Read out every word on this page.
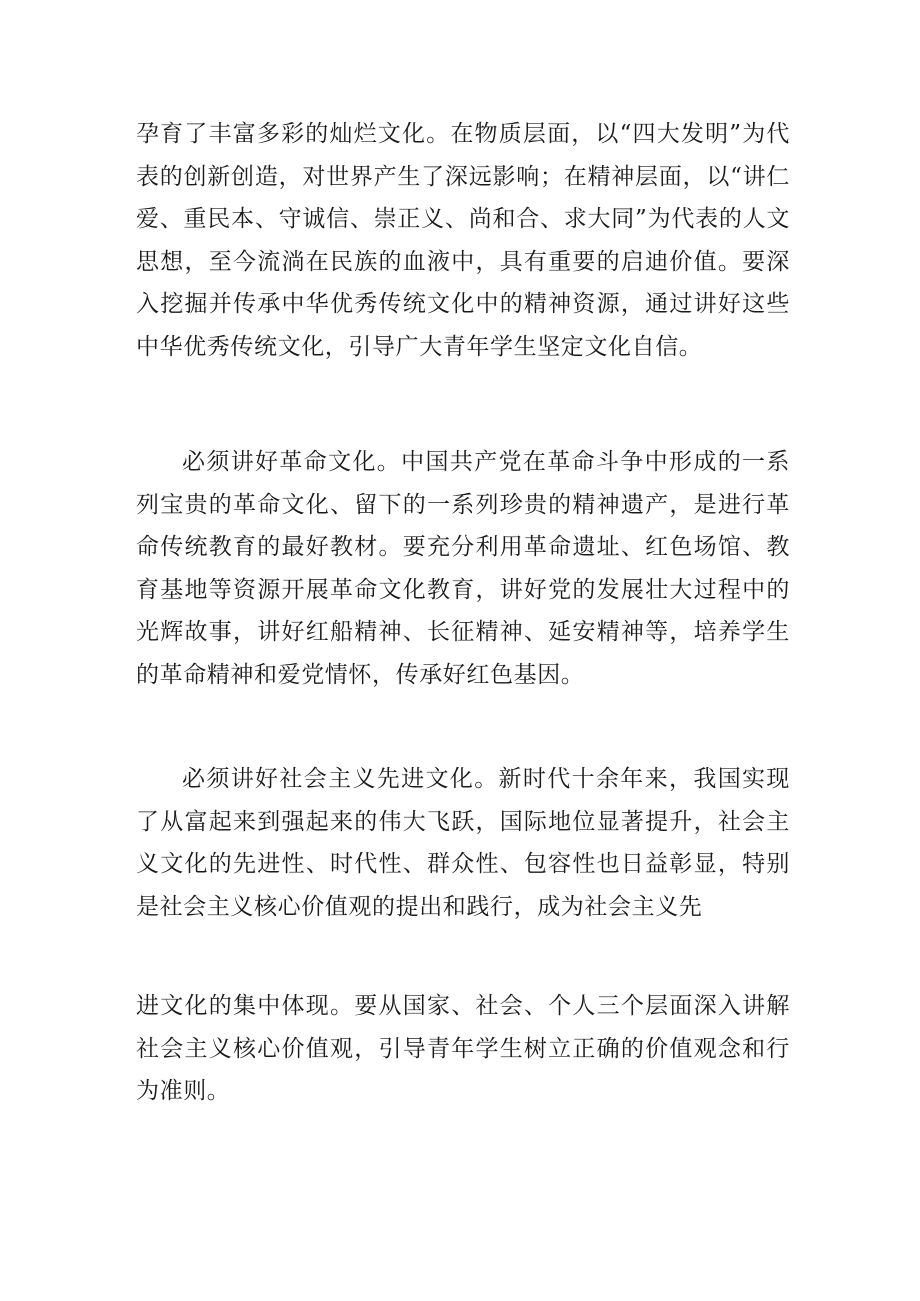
孕育了丰富多彩的灿烂文化。在物质层面，以“四大发明”为代表的创新创造，对世界产生了深远影响；在精神层面，以“讲仁爱、重民本、守诚信、崇正义、尚和合、求大同”为代表的人文思想，至今流淌在民族的血液中，具有重要的启迪价值。要深入挖掘并传承中华优秀传统文化中的精神资源，通过讲好这些中华优秀传统文化，引导广大青年学生坚定文化自信。

必须讲好革命文化。中国共产党在革命斗争中形成的一系列宝贵的革命文化、留下的一系列珍贵的精神遗产，是进行革命传统教育的最好教材。要充分利用革命遗址、红色场馆、教育基地等资源开展革命文化教育，讲好党的发展壮大过程中的光辉故事，讲好红船精神、长征精神、延安精神等，培养学生的革命精神和爱党情怀，传承好红色基因。

必须讲好社会主义先进文化。新时代十余年来，我国实现了从富起来到强起来的伟大飞跃，国际地位显著提升，社会主义文化的先进性、时代性、群众性、包容性也日益彰显，特别是社会主义核心价值观的提出和践行，成为社会主义先

进文化的集中体现。要从国家、社会、个人三个层面深入讲解社会主义核心价值观，引导青年学生树立正确的价值观念和行为准则。
